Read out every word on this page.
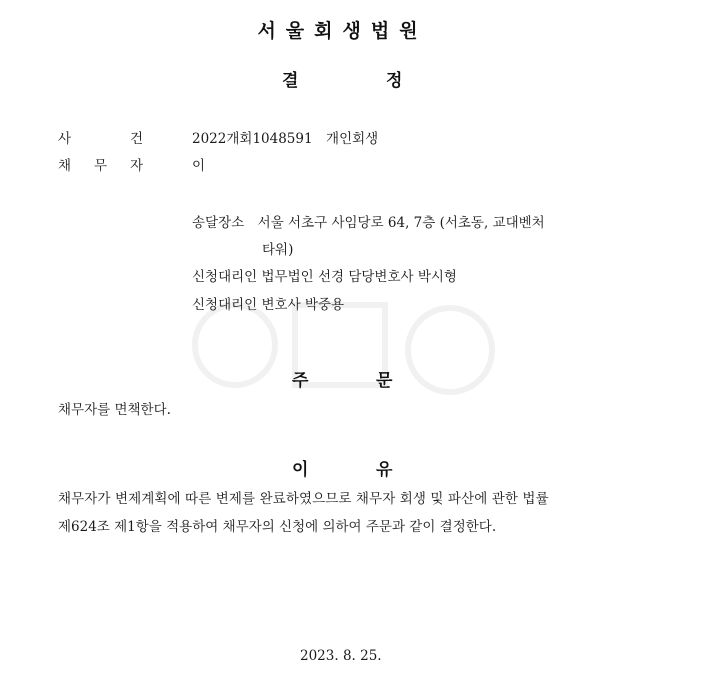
서울회생법원
결	정
사	건	2022개회1048591　개인회생
채 무 자	이
송달장소　서울 서초구 사임당로 64, 7층 (서초동, 교대벤처
타워)
신청대리인 법무법인 선경 담당변호사 박시형
신청대리인 변호사 박중용
주	문
채무자를 면책한다.
이	유
채무자가 변제계획에 따른 변제를 완료하였으므로 채무자 회생 및 파산에 관한 법률
제624조 제1항을 적용하여 채무자의 신청에 의하여 주문과 같이 결정한다.
2023. 8. 25.
